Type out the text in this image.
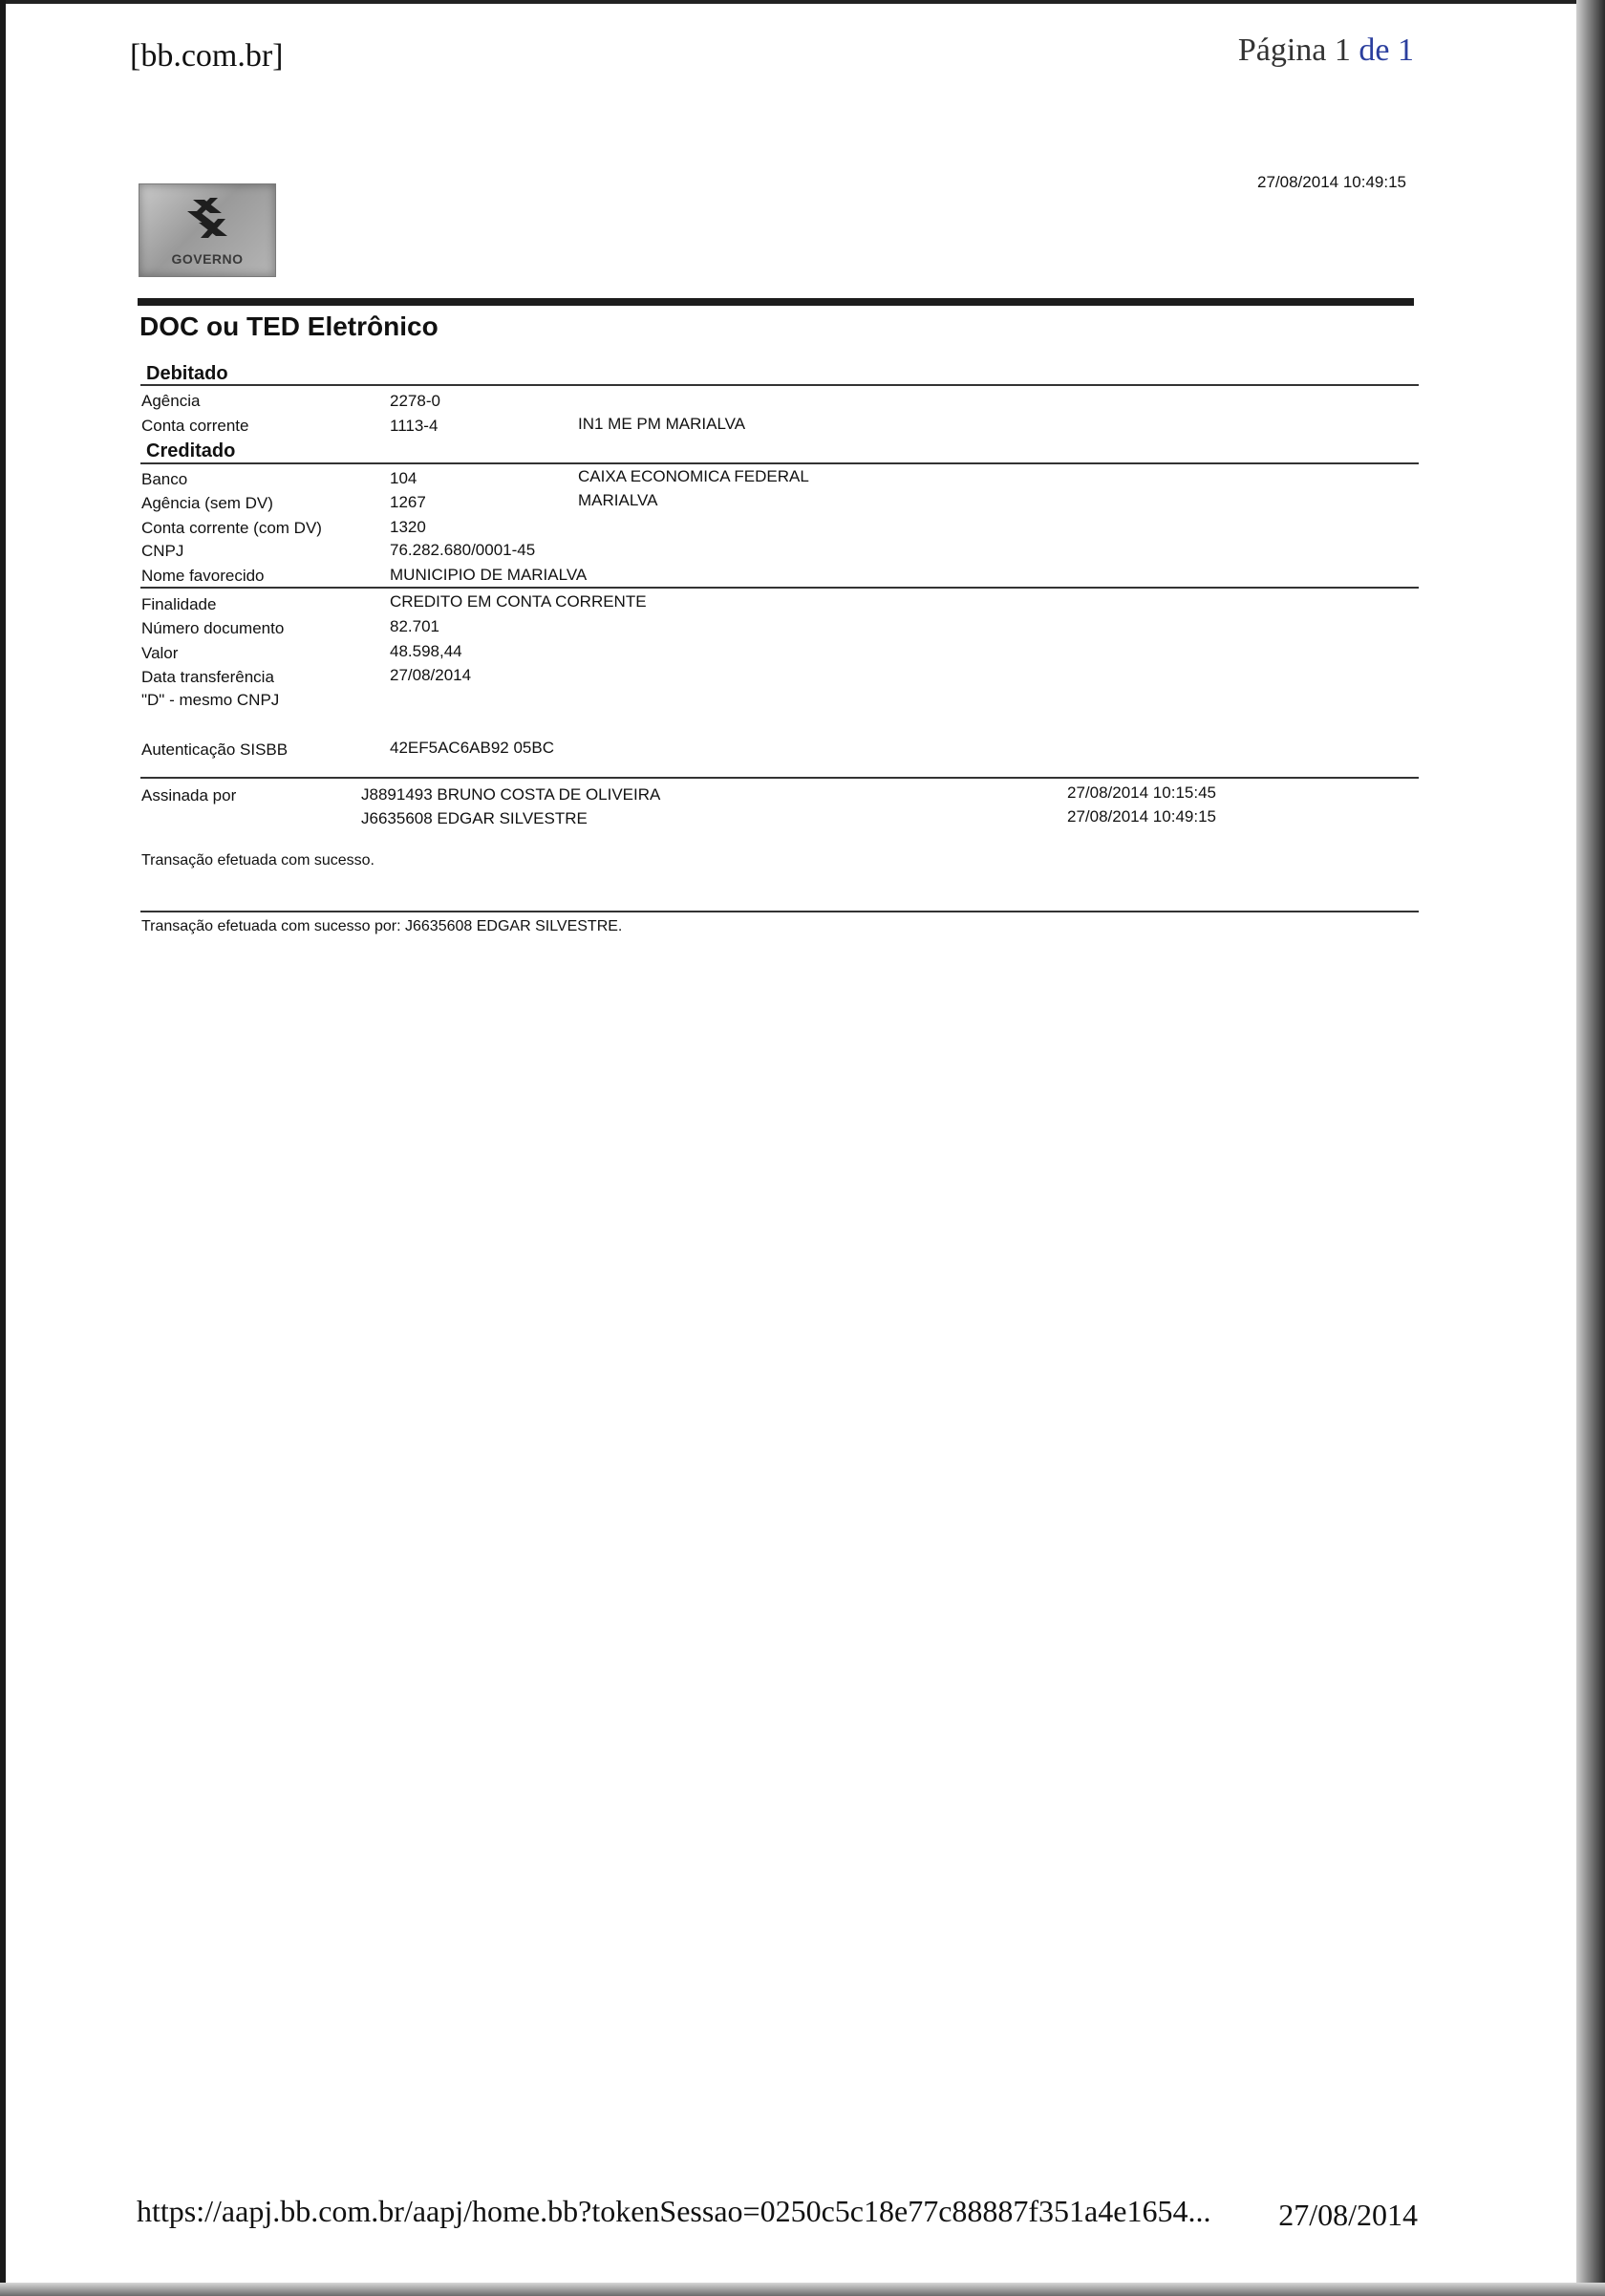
[bb.com.br]	Página 1 de 1
27/08/2014 10:49:15
GOVERNO
DOC ou TED Eletrônico
Debitado
Agência	2278-0
Conta corrente	1113-4	IN1 ME PM MARIALVA
Creditado
Banco	104	CAIXA ECONOMICA FEDERAL
Agência (sem DV)	1267	MARIALVA
Conta corrente (com DV)	1320
CNPJ	76.282.680/0001-45
Nome favorecido	MUNICIPIO DE MARIALVA
Finalidade	CREDITO EM CONTA CORRENTE
Número documento	82.701
Valor	48.598,44
Data transferência	27/08/2014
"D" - mesmo CNPJ
Autenticação SISBB	42EF5AC6AB92 05BC
Assinada por	J8891493 BRUNO COSTA DE OLIVEIRA	27/08/2014 10:15:45
J6635608 EDGAR SILVESTRE	27/08/2014 10:49:15
Transação efetuada com sucesso.
Transação efetuada com sucesso por: J6635608 EDGAR SILVESTRE.
https://aapj.bb.com.br/aapj/home.bb?tokenSessao=0250c5c18e77c88887f351a4e1654... 27/08/2014
